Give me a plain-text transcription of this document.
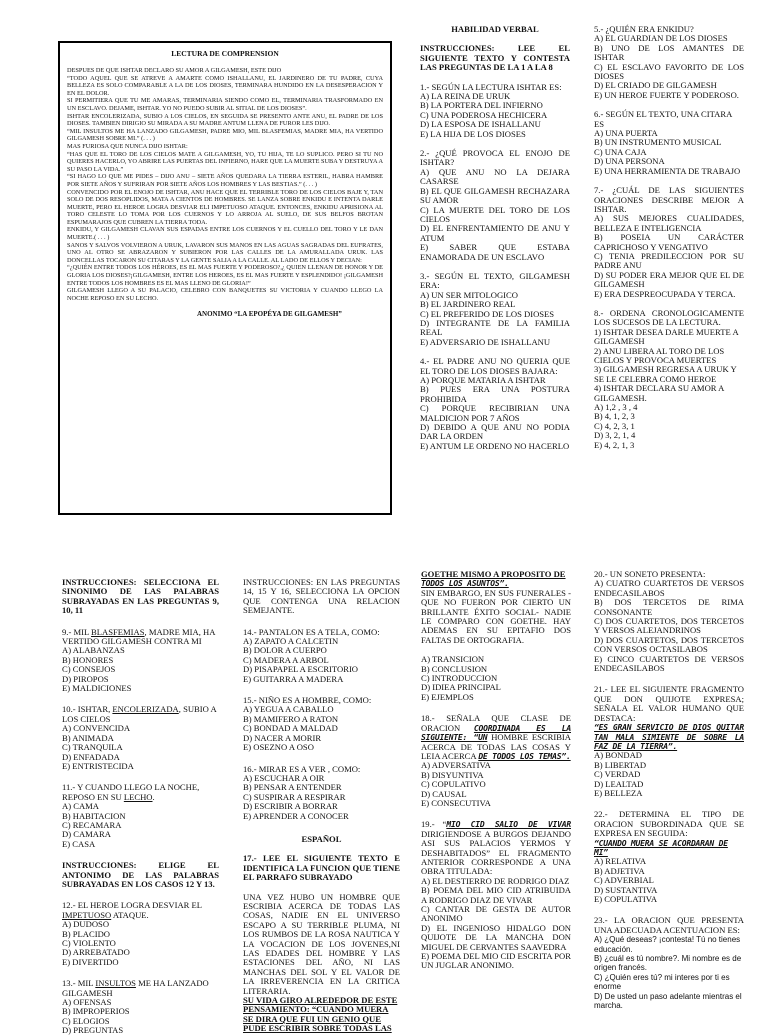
LECTURA DE COMPRENSION

DESPUES DE QUE ISHTAR DECLARO SU AMOR A GILGAMESH, ESTE DIJO

“TODO AQUEL QUE SE ATREVE A AMARTE COMO ISHALLANU, EL JARDINERO DE TU PADRE, CUYA BELLEZA ES SOLO COMPARABLE A LA DE LOS DIOSES, TERMINARA HUNDIDO EN LA DESESPERACION Y EN EL DOLOR.

SI PERMITIERA QUE TU ME AMARAS, TERMINARIA SIENDO COMO EL, TERMINARIA TRASFORMADO EN UN ESCLAVO. DEJAME, ISHTAR. YO NO PUEDO SUBIR AL SITIAL DE LOS DIOSES”.

ISHTAR ENCOLERIZADA, SUBIO A LOS CIELOS, EN SEGUIDA SE PRESENTO ANTE ANU, EL PADRE DE LOS DIOSES. TAMBIEN DIRIGIO SU MIRADA A SU MADRE ANTUM LLENA DE FUROR LES DIJO.

“MIL INSULTOS ME HA LANZADO GILGAMESH, PADRE MIO, MIL BLASFEMIAS, MADRE MIA, HA VERTIDO GILGAMESH SOBRE MI.” (. . . )

MAS FURIOSA QUE NUNCA DIJO ISHTAR:

“HAS QUE EL TORO DE LOS CIELOS MATE A GILGAMESH, YO, TU HIJA, TE LO SUPLICO. PERO SI TU NO QUIERES HACERLO, YO ABRIRE LAS PUERTAS DEL INFIERNO, HARE QUE LA MUERTE SUBA Y DESTRUYA A SU PASO LA VIDA.”

“SI HAGO LO QUE ME PIDES – DIJO ANU – SIETE AÑOS QUEDARA LA TIERRA ESTERIL, HABRA HAMBRE POR SIETE AÑOS Y SUFRIRAN POR SIETE AÑOS LOS HOMBRES Y LAS BESTIAS.” (. . . )

CONVENCIDO POR EL ENOJO DE ISHTAR, ANU HACE QUE EL TERRIBLE TORO DE LOS CIELOS BAJE Y, TAN SOLO DE DOS RESOPLIDOS, MATA A CIENTOS DE HOMBRES. SE LANZA SOBRE ENKIDU E INTENTA DARLE MUERTE, PERO EL HEROE LOGRA DESVIAR ELI IMPETUOSO ATAQUE. ENTONCES, ENKIDU APRISIONA AL TORO CELESTE LO TOMA POR LOS CUERNOS Y LO ARROJA AL SUELO, DE SUS BELFOS BROTAN ESPUMARAJOS QUE CUBREN LA TIERRA TODA.

ENKIDU, Y GILGAMESH CLAVAN SUS ESPADAS ENTRE LOS CUERNOS Y EL CUELLO DEL TORO Y LE DAN MUERTE.( . . . )

SANOS Y SALVOS VOLVIERON A URUK, LAVARON SUS MANOS EN LAS AGUAS SAGRADAS DEL EUFRATES, UNO AL OTRO SE ABRAZARON Y SUBIERON POR LAS CALLES DE LA AMURALLADA URUK. LAS DONCELLAS TOCARON SU CITARAS Y LA GENTE SALIA A LA CALLE. AL LADO DE ELLOS Y DECIAN:

“¿QUIÉN ENTRE TODOS LOS HÉROES, ES EL MAS FUERTE Y PODEROSO?,¿ QUIEN LLENAN DE HONOR Y DE GLORIA LOS DIOSES?¡GILGAMESH, ENTRE LOS HEROES, ES EL MAS FUERTE Y ESPLENDIDO! ¡GILGAMESH ENTRE TODOS LOS HOMBRES ES EL MAS LLENO DE GLORIA!”

GILGAMESH LLEGO A SU PALACIO, CELEBRO CON BANQUETES SU VICTORIA Y CUANDO LLEGO LA NOCHE REPOSO EN SU LECHO.

ANONIMO “LA EPOPÉYA DE GILGAMESH”

HABILIDAD VERBAL

INSTRUCCIONES: LEE EL SIGUIENTE TEXTO Y CONTESTA LAS PREGUNTAS DE LA 1 A LA 8

1.- SEGÚN LA LECTURA ISHTAR ES:

A) LA REINA DE URUK

B) LA PORTERA DEL INFIERNO

C) UNA PODEROSA HECHICERA

D) LA ESPOSA DE ISHALLANU

E) LA HIJA DE LOS DIOSES

2.- ¿QUÉ PROVOCA EL ENOJO DE ISHTAR?

A) QUE ANU NO LA DEJARA CASARSE

B) EL QUE GILGAMESH RECHAZARA SU AMOR

C) LA MUERTE DEL TORO DE LOS CIELOS

D) EL ENFRENTAMIENTO DE ANU Y ATUM

E) SABER QUE ESTABA ENAMORADA DE UN ESCLAVO

3.- SEGÚN EL TEXTO, GILGAMESH ERA:

A) UN SER MITOLOGICO

B) EL JARDINERO REAL

C) EL PREFERIDO DE LOS DIOSES

D) INTEGRANTE DE LA FAMILIA REAL

E) ADVERSARIO DE ISHALLANU

4.- EL PADRE ANU NO QUERIA QUE EL TORO DE LOS DIOSES BAJARA:

A) PORQUE MATARIA A ISHTAR

B) PUES ERA UNA POSTURA PROHIBIDA

C) PORQUE RECIBIRIAN UNA MALDICION POR 7 AÑOS

D) DEBIDO A QUE ANU NO PODIA DAR LA ORDEN

E) ANTUM LE ORDENO NO HACERLO

5.- ¿QUIÉN ERA ENKIDU?

A) EL GUARDIAN DE LOS DIOSES

B) UNO DE LOS AMANTES DE ISHTAR

C) EL ESCLAVO FAVORITO DE LOS DIOSES

D) EL CRIADO DE GILGAMESH

E) UN HEROE FUERTE Y PODEROSO.

6.- SEGÚN EL TEXTO, UNA CITARA ES

A) UNA PUERTA

B) UN INSTRUMENTO MUSICAL

C) UNA CAJA

D) UNA PERSONA

E) UNA HERRAMIENTA DE TRABAJO

7.- ¿CUÁL DE LAS SIGUIENTES ORACIONES DESCRIBE MEJOR A ISHTAR.

A) SUS MEJORES CUALIDADES, BELLEZA E INTELIGENCIA

B) POSEIA UN CARÁCTER CAPRICHOSO Y VENGATIVO

C) TENIA PREDILECCION POR SU PADRE ANU

D) SU PODER ERA MEJOR QUE EL DE GILGAMESH

E) ERA DESPREOCUPADA Y TERCA.

8.- ORDENA CRONOLOGICAMENTE LOS SUCESOS DE LA LECTURA.

1) ISHTAR DESEA DARLE MUERTE A GILGAMESH

2) ANU LIBERA AL TORO DE LOS CIELOS Y PROVOCA MUERTES

3) GILGAMESH REGRESA A URUK Y SE LE CELEBRA COMO HEROE

4) ISHTAR DECLARA SU AMOR A GILGAMESH.

A) 1,2 , 3 , 4

B) 4, 1, 2, 3

C) 4, 2, 3, 1

D) 3, 2, 1, 4

E) 4, 2, 1, 3

INSTRUCCIONES: SELECCIONA EL SINONIMO DE LAS PALABRAS SUBRAYADAS EN LAS PREGUNTAS 9, 10, 11

9.- MIL BLASFEMIAS, MADRE MIA, HA VERTIDO GILGAMESH CONTRA MI

A) ALABANZAS

B) HONORES

C) CONSEJOS

D) PIROPOS

E) MALDICIONES

10.- ISHTAR, ENCOLERIZADA, SUBIO A LOS CIELOS

A) CONVENCIDA

B) ANIMADA

C) TRANQUILA

D) ENFADADA

E) ENTRISTECIDA

11.- Y CUANDO LLEGO LA NOCHE, REPOSO EN SU LECHO.

A) CAMA

B) HABITACION

C) RECAMARA

D) CAMARA

E) CASA

INSTRUCCIONES: ELIGE EL ANTONIMO DE LAS PALABRAS SUBRAYADAS EN LOS CASOS 12 Y 13.

12.- EL HEROE LOGRA DESVIAR EL IMPETUOSO ATAQUE.

A) DUDOSO

B) PLACIDO

C) VIOLENTO

D) ARREBATADO

E) DIVERTIDO

13.- MIL INSULTOS ME HA LANZADO GILGAMESH

A) OFENSAS

B) IMPROPERIOS

C) ELOGIOS

D) PREGUNTAS

INSTRUCCIONES: EN LAS PREGUNTAS 14, 15 Y 16, SELECCIONA LA OPCION QUE CONTENGA UNA RELACION SEMEJANTE.

14.- PANTALON ES A TELA, COMO:

A) ZAPATO A CALCETIN

B) DOLOR A CUERPO

C) MADERA A ARBOL

D) PISAPAPEL A ESCRITORIO

E) GUITARRA A MADERA

15.- NIÑO ES A HOMBRE, COMO:

A) YEGUA A CABALLO

B) MAMIFERO A RATON

C) BONDAD A MALDAD

D) NACER A MORIR

E) OSEZNO A OSO

16.- MIRAR ES A VER , COMO:

A) ESCUCHAR A OIR

B) PENSAR A ENTENDER

C) SUSPIRAR A RESPIRAR

D) ESCRIBIR A BORRAR

E) APRENDER A CONOCER

ESPAÑOL

17.- LEE EL SIGUIENTE TEXTO E IDENTIFICA LA FUNCION QUE TIENE EL PARRAFO SUBRAYADO

UNA VEZ HUBO UN HOMBRE QUE ESCRIBIA ACERCA DE TODAS LAS COSAS, NADIE EN EL UNIVERSO ESCAPO A SU TERRIBLE PLUMA, NI LOS RUMBOS DE LA ROSA NAUTICA Y LA VOCACION DE LOS JOVENES,NI LAS EDADES DEL HOMBRE Y LAS ESTACIONES DEL AÑO, NI LAS MANCHAS DEL SOL Y EL VALOR DE LA IRREVERENCIA EN LA CRITICA LITERARIA.

SU VIDA GIRO ALREDEDOR DE ESTE

PENSAMIENTO: “CUANDO MUERA

SE DIRA QUE FUI UN GENIO QUE

PUDE ESCRIBIR SOBRE TODAS LAS

GOETHE MISMO A PROPOSITO DE

TODOS LOS ASUNTOS”.

SIN EMBARGO, EN SUS FUNERALES - QUE NO FUERON POR CIERTO UN BRILLANTE ÉXITO SOCIAL- NADIE LE COMPARO CON GOETHE. HAY ADEMAS EN SU EPITAFIO DOS FALTAS DE ORTOGRAFIA.

A) TRANSICION

B) CONCLUSION

C) INTRODUCCION

D) IDIEA PRINCIPAL

E) EJEMPLOS

18.- SEÑALA QUE CLASE DE ORACION COORDINADA ES LA SIGUIENTE: “UN HOMBRE ESCRIBIA ACERCA DE TODAS LAS COSAS Y LEIA ACERCA DE TODOS LOS TEMAS”.

A) ADVERSATIVA

B) DISYUNTIVA

C) COPULATIVO

D) CAUSAL

E) CONSECUTIVA

19.- “MIO CID SALIO DE VIVAR DIRIGIENDOSE A BURGOS DEJANDO ASI SUS PALACIOS YERMOS Y DESHABITADOS” EL FRAGMENTO ANTERIOR CORRESPONDE A UNA OBRA TITULADA:

A) EL DESTIERRO DE RODRIGO DIAZ

B) POEMA DEL MIO CID ATRIBUIDA A RODRIGO DIAZ DE VIVAR

C) CANTAR DE GESTA DE AUTOR ANONIMO

D) EL INGENIOSO HIDALGO DON QUIJOTE DE LA MANCHA DON MIGUEL DE CERVANTES SAAVEDRA

E) POEMA DEL MIO CID ESCRITA POR UN JUGLAR ANONIMO.

20.- UN SONETO PRESENTA:

A) CUATRO CUARTETOS DE VERSOS ENDECASILABOS

B) DOS TERCETOS DE RIMA CONSONANTE

C) DOS CUARTETOS, DOS TERCETOS Y VERSOS ALEJANDRINOS

D) DOS CUARTETOS, DOS TERCETOS CON VERSOS OCTASILABOS

E) CINCO CUARTETOS DE VERSOS ENDECASILABOS

21.- LEE EL SIGUIENTE FRAGMENTO QUE DON QUIJOTE EXPRESA; SEÑALA EL VALOR HUMANO QUE DESTACA:

“ES GRAN SERVICIO DE DIOS QUITAR TAN MALA SIMIENTE DE SOBRE LA FAZ DE LA TIERRA”.

A) BONDAD

B) LIBERTAD

C) VERDAD

D) LEALTAD

E) BELLEZA

22.- DETERMINA EL TIPO DE ORACION SUBORDINADA QUE SE EXPRESA EN SEGUIDA:

“CUANDO MUERA SE ACORDARAN DE MI”

A) RELATIVA

B) ADJETIVA

C) ADVERBIAL

D) SUSTANTIVA

E) COPULATIVA

23.- LA ORACION QUE PRESENTA UNA ADECUADA ACENTUACION ES:

A) ¿Qué deseas? ¡contesta! Tú no tienes educación.

B) ¿cuál es tú nombre?. Mi nombre es de origen francés.

C) ¿Quién eres tú? mi interes por ti es enorme

D) De usted un paso adelante mientras el marcha.
